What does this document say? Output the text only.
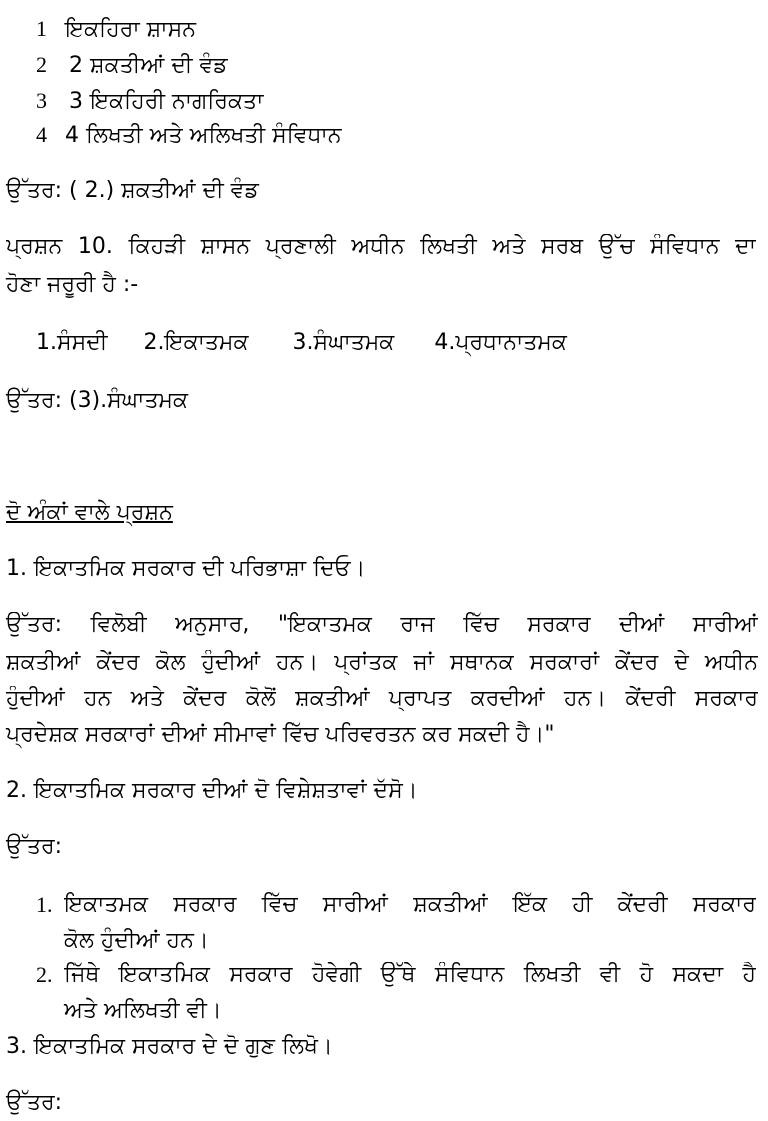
1 ਇਕਹਿਰਾ ਸ਼ਾਸਨ
2 2 ਸ਼ਕਤੀਆਂ ਦੀ ਵੰਡ
3 3 ਇਕਹਿਰੀ ਨਾਗਰਿਕਤਾ
4 4 ਲਿਖਤੀ ਅਤੇ ਅਲਿਖਤੀ ਸੰਵਿਧਾਨ
ਉੱਤਰ: ( 2.) ਸ਼ਕਤੀਆਂ ਦੀ ਵੰਡ
ਪ੍ਰਸ਼ਨ 10. ਕਿਹੜੀ ਸ਼ਾਸਨ ਪ੍ਰਣਾਲੀ ਅਧੀਨ ਲਿਖਤੀ ਅਤੇ ਸਰਬ ਉੱਚ ਸੰਵਿਧਾਨ ਦਾ
ਹੋਣਾ ਜਰੂਰੀ ਹੈ :-
1.ਸੰਸਦੀ 2.ਇਕਾਤਮਕ 3.ਸੰਘਾਤਮਕ 4.ਪ੍ਰਧਾਨਾਤਮਕ
ਉੱਤਰ: (3).ਸੰਘਾਤਮਕ
ਦੋ ਅੰਕਾਂ ਵਾਲੇ ਪ੍ਰਸ਼ਨ
1. ਇਕਾਤਮਿਕ ਸਰਕਾਰ ਦੀ ਪਰਿਭਾਸ਼ਾ ਦਿਓ।
ਉੱਤਰ: ਵਿਲੋਬੀ ਅਨੁਸਾਰ, "ਇਕਾਤਮਕ ਰਾਜ ਵਿੱਚ ਸਰਕਾਰ ਦੀਆਂ ਸਾਰੀਆਂ
ਸ਼ਕਤੀਆਂ ਕੇਂਦਰ ਕੋਲ ਹੁੰਦੀਆਂ ਹਨ। ਪ੍ਰਾਂਤਕ ਜਾਂ ਸਥਾਨਕ ਸਰਕਾਰਾਂ ਕੇਂਦਰ ਦੇ ਅਧੀਨ
ਹੁੰਦੀਆਂ ਹਨ ਅਤੇ ਕੇਂਦਰ ਕੋਲੋਂ ਸ਼ਕਤੀਆਂ ਪ੍ਰਾਪਤ ਕਰਦੀਆਂ ਹਨ। ਕੇਂਦਰੀ ਸਰਕਾਰ
ਪ੍ਰਦੇਸ਼ਕ ਸਰਕਾਰਾਂ ਦੀਆਂ ਸੀਮਾਵਾਂ ਵਿੱਚ ਪਰਿਵਰਤਨ ਕਰ ਸਕਦੀ ਹੈ।"
2. ਇਕਾਤਮਿਕ ਸਰਕਾਰ ਦੀਆਂ ਦੋ ਵਿਸ਼ੇਸ਼ਤਾਵਾਂ ਦੱਸੋ।
ਉੱਤਰ:
1. ਇਕਾਤਮਕ ਸਰਕਾਰ ਵਿੱਚ ਸਾਰੀਆਂ ਸ਼ਕਤੀਆਂ ਇੱਕ ਹੀ ਕੇਂਦਰੀ ਸਰਕਾਰ
ਕੋਲ ਹੁੰਦੀਆਂ ਹਨ।
2. ਜਿੱਥੇ ਇਕਾਤਮਿਕ ਸਰਕਾਰ ਹੋਵੇਗੀ ਉੱਥੇ ਸੰਵਿਧਾਨ ਲਿਖਤੀ ਵੀ ਹੋ ਸਕਦਾ ਹੈ
ਅਤੇ ਅਲਿਖਤੀ ਵੀ।
3. ਇਕਾਤਮਿਕ ਸਰਕਾਰ ਦੇ ਦੋ ਗੁਣ ਲਿਖੋ।
ਉੱਤਰ:
